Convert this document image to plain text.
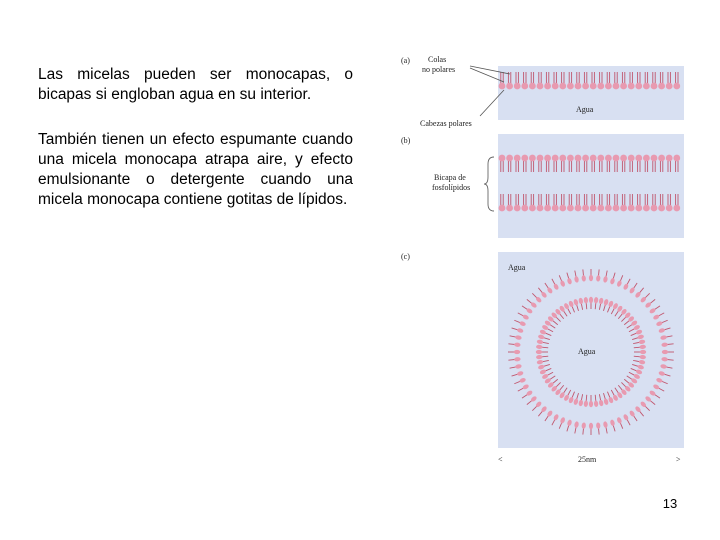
Las micelas pueden ser monocapas, o bicapas si engloban agua en su interior.

También tienen un efecto espumante cuando una micela monocapa atrapa aire, y efecto emulsionante o detergente cuando una micela monocapa contiene gotitas de lípidos.

(a) Colas
no polares
Agua
Cabezas polares
(b)
Bicapa de
fosfolípidos
(c)
Agua
Agua
<	25nm	>
13
